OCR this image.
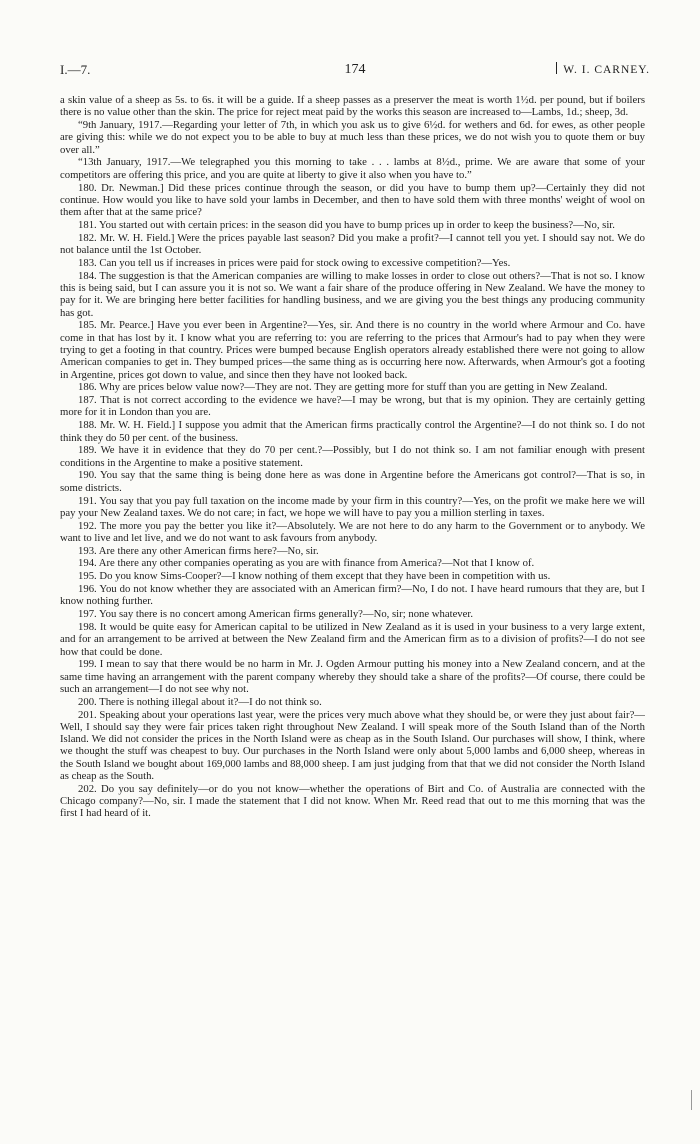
I.—7.	174	W. I. CARNEY.

a skin value of a sheep as 5s. to 6s. it will be a guide. If a sheep passes as a preserver the meat is worth 1½d. per pound, but if boilers there is no value other than the skin. The price for reject meat paid by the works this season are increased to—Lambs, 1d.; sheep, 3d.

“9th January, 1917.—Regarding your letter of 7th, in which you ask us to give 6½d. for wethers and 6d. for ewes, as other people are giving this: while we do not expect you to be able to buy at much less than these prices, we do not wish you to quote them or buy over all.”

“13th January, 1917.—We telegraphed you this morning to take . . . lambs at 8½d., prime. We are aware that some of your competitors are offering this price, and you are quite at liberty to give it also when you have to.”

180. Dr. Newman.] Did these prices continue through the season, or did you have to bump them up?—Certainly they did not continue. How would you like to have sold your lambs in December, and then to have sold them with three months' weight of wool on them after that at the same price?

181. You started out with certain prices: in the season did you have to bump prices up in order to keep the business?—No, sir.

182. Mr. W. H. Field.] Were the prices payable last season? Did you make a profit?—I cannot tell you yet. I should say not. We do not balance until the 1st October.

183. Can you tell us if increases in prices were paid for stock owing to excessive competition?—Yes.

184. The suggestion is that the American companies are willing to make losses in order to close out others?—That is not so. I know this is being said, but I can assure you it is not so. We want a fair share of the produce offering in New Zealand. We have the money to pay for it. We are bringing here better facilities for handling business, and we are giving you the best things any producing community has got.

185. Mr. Pearce.] Have you ever been in Argentine?—Yes, sir. And there is no country in the world where Armour and Co. have come in that has lost by it. I know what you are referring to: you are referring to the prices that Armour's had to pay when they were trying to get a footing in that country. Prices were bumped because English operators already established there were not going to allow American companies to get in. They bumped prices—the same thing as is occurring here now. Afterwards, when Armour's got a footing in Argentine, prices got down to value, and since then they have not looked back.

186. Why are prices below value now?—They are not. They are getting more for stuff than you are getting in New Zealand.

187. That is not correct according to the evidence we have?—I may be wrong, but that is my opinion. They are certainly getting more for it in London than you are.

188. Mr. W. H. Field.] I suppose you admit that the American firms practically control the Argentine?—I do not think so. I do not think they do 50 per cent. of the business.

189. We have it in evidence that they do 70 per cent.?—Possibly, but I do not think so. I am not familiar enough with present conditions in the Argentine to make a positive statement.

190. You say that the same thing is being done here as was done in Argentine before the Americans got control?—That is so, in some districts.

191. You say that you pay full taxation on the income made by your firm in this country?—Yes, on the profit we make here we will pay your New Zealand taxes. We do not care; in fact, we hope we will have to pay you a million sterling in taxes.

192. The more you pay the better you like it?—Absolutely. We are not here to do any harm to the Government or to anybody. We want to live and let live, and we do not want to ask favours from anybody.

193. Are there any other American firms here?—No, sir.

194. Are there any other companies operating as you are with finance from America?—Not that I know of.

195. Do you know Sims-Cooper?—I know nothing of them except that they have been in competition with us.

196. You do not know whether they are associated with an American firm?—No, I do not. I have heard rumours that they are, but I know nothing further.

197. You say there is no concert among American firms generally?—No, sir; none whatever.

198. It would be quite easy for American capital to be utilized in New Zealand as it is used in your business to a very large extent, and for an arrangement to be arrived at between the New Zealand firm and the American firm as to a division of profits?—I do not see how that could be done.

199. I mean to say that there would be no harm in Mr. J. Ogden Armour putting his money into a New Zealand concern, and at the same time having an arrangement with the parent company whereby they should take a share of the profits?—Of course, there could be such an arrangement—I do not see why not.

200. There is nothing illegal about it?—I do not think so.

201. Speaking about your operations last year, were the prices very much above what they should be, or were they just about fair?—Well, I should say they were fair prices taken right throughout New Zealand. I will speak more of the South Island than of the North Island. We did not consider the prices in the North Island were as cheap as in the South Island. Our purchases will show, I think, where we thought the stuff was cheapest to buy. Our purchases in the North Island were only about 5,000 lambs and 6,000 sheep, whereas in the South Island we bought about 169,000 lambs and 88,000 sheep. I am just judging from that that we did not consider the North Island as cheap as the South.

202. Do you say definitely—or do you not know—whether the operations of Birt and Co. of Australia are connected with the Chicago company?—No, sir. I made the statement that I did not know. When Mr. Reed read that out to me this morning that was the first I had heard of it.
